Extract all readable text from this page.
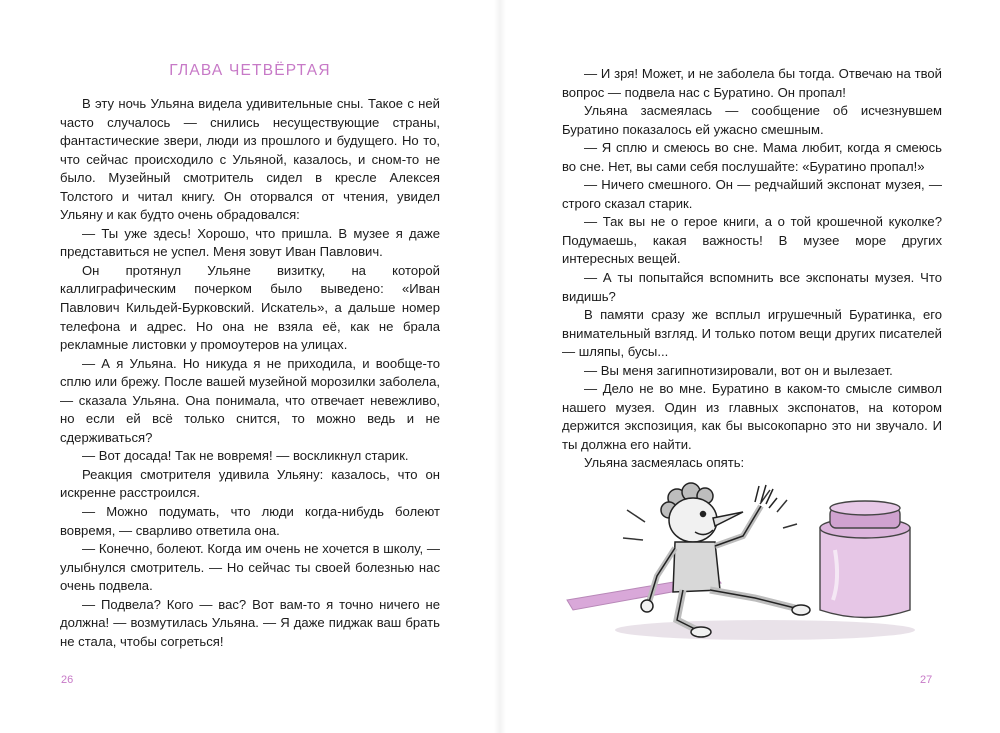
ГЛАВА ЧЕТВЁРТАЯ

В эту ночь Ульяна видела удивительные сны. Такое с ней часто случалось — снились несуществующие страны, фантастические звери, люди из прошлого и будущего. Но то, что сейчас происходило с Ульяной, казалось, и сном-то не было. Музейный смотритель сидел в кресле Алексея Толстого и читал книгу. Он оторвался от чтения, увидел Ульяну и как будто очень обрадовался:

— Ты уже здесь! Хорошо, что пришла. В музее я даже представиться не успел. Меня зовут Иван Павлович.

Он протянул Ульяне визитку, на которой каллиграфическим почерком было выведено: «Иван Павлович Кильдей-Бурковский. Искатель», а дальше номер телефона и адрес. Но она не взяла её, как не брала рекламные листовки у промоутеров на улицах.

— А я Ульяна. Но никуда я не приходила, и вообще-то сплю или брежу. После вашей музейной морозилки заболела, — сказала Ульяна. Она понимала, что отвечает невежливо, но если ей всё только снится, то можно ведь и не сдерживаться?

— Вот досада! Так не вовремя! — воскликнул старик.

Реакция смотрителя удивила Ульяну: казалось, что он искренне расстроился.

— Можно подумать, что люди когда-нибудь болеют вовремя, — сварливо ответила она.

— Конечно, болеют. Когда им очень не хочется в школу, — улыбнулся смотритель. — Но сейчас ты своей болезнью нас очень подвела.

— Подвела? Кого — вас? Вот вам-то я точно ничего не должна! — возмутилась Ульяна. — Я даже пиджак ваш брать не стала, чтобы согреться!

26

— И зря! Может, и не заболела бы тогда. Отвечаю на твой вопрос — подвела нас с Буратино. Он пропал!

Ульяна засмеялась — сообщение об исчезнувшем Буратино показалось ей ужасно смешным.

— Я сплю и смеюсь во сне. Мама любит, когда я смеюсь во сне. Нет, вы сами себя послушайте: «Буратино пропал!»

— Ничего смешного. Он — редчайший экспонат музея, — строго сказал старик.

— Так вы не о герое книги, а о той крошечной куколке? Подумаешь, какая важность! В музее море других интересных вещей.

— А ты попытайся вспомнить все экспонаты музея. Что видишь?

В памяти сразу же всплыл игрушечный Буратинка, его внимательный взгляд. И только потом вещи других писателей — шляпы, бусы...

— Вы меня загипнотизировали, вот он и вылезает.

— Дело не во мне. Буратино в каком-то смысле символ нашего музея. Один из главных экспонатов, на котором держится экспозиция, как бы высокопарно это ни звучало. И ты должна его найти.

Ульяна засмеялась опять:

27
